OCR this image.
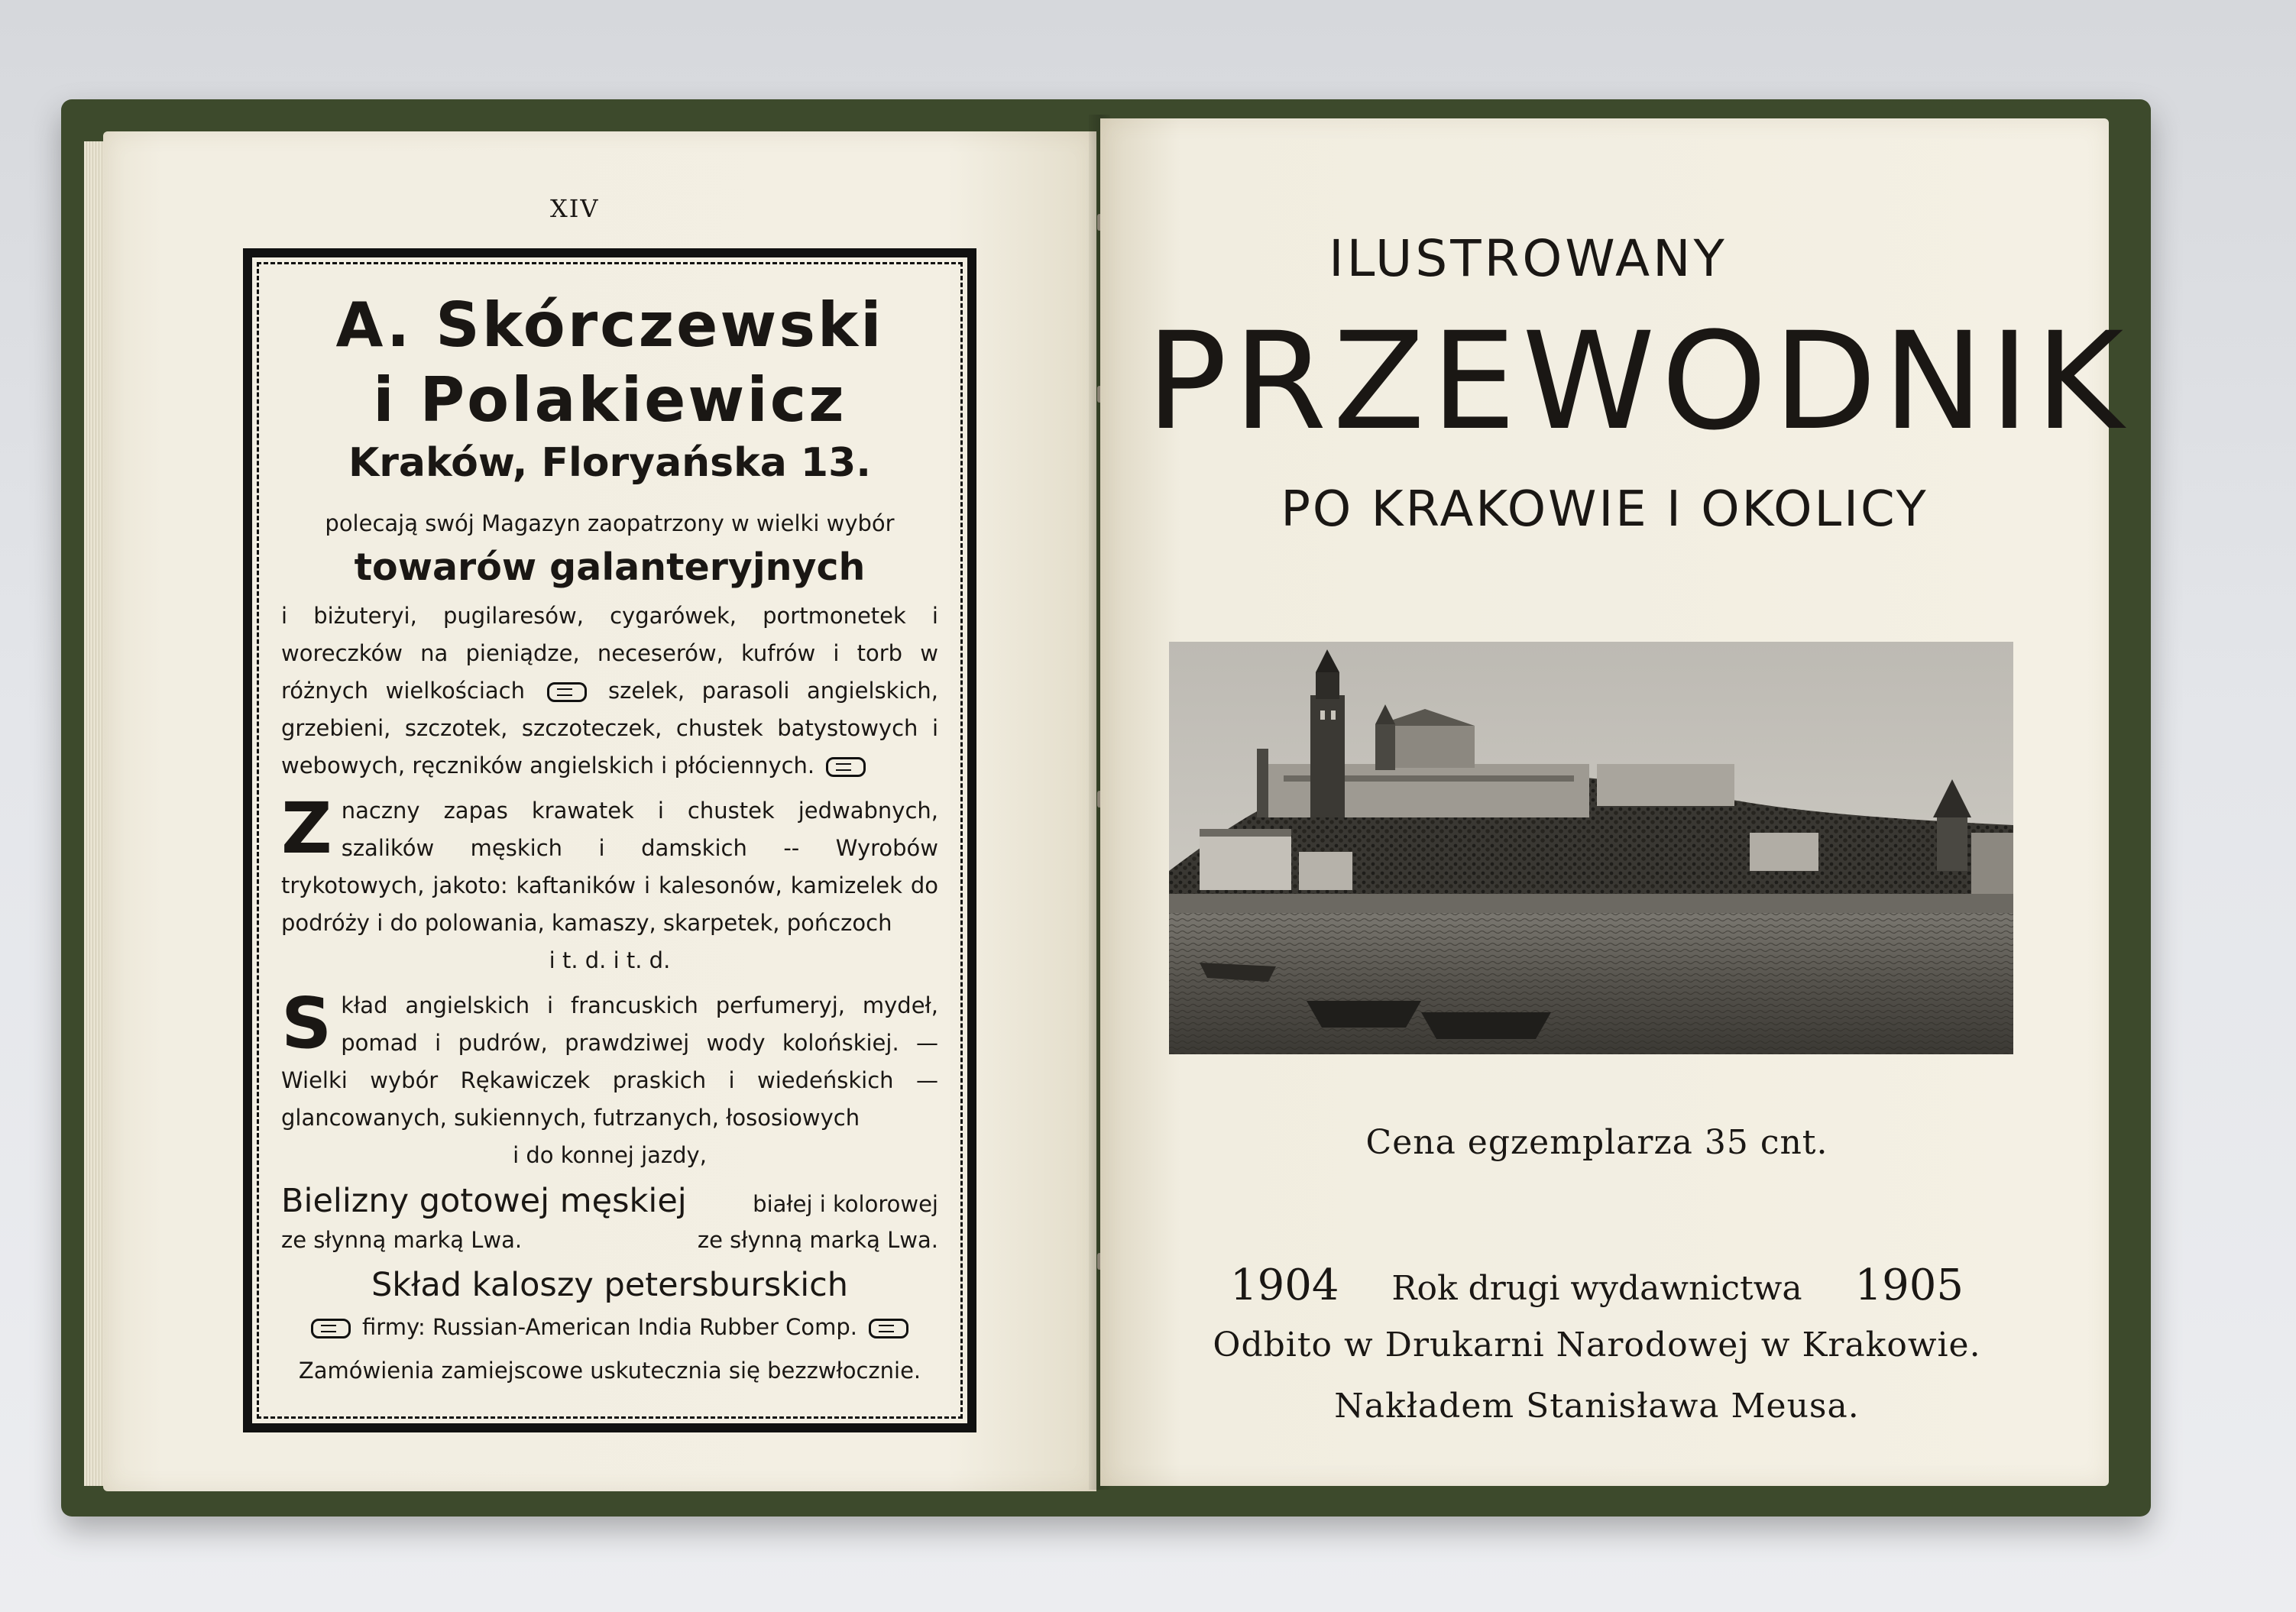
XIV

A. Skórczewski

i Polakiewicz

Kraków, Floryańska 13.

polecają swój Magazyn zaopatrzony w wielki wybór

towarów galanteryjnych

i biżuteryi, pugilaresów, cygarówek, portmonetek i woreczków na pieniądze, neceserów, kufrów i torb w różnych wielkościach	szelek, parasoli angielskich, grzebieni, szczotek, szczoteczek, chustek batystowych i webowych, ręczników angielskich i płóciennych.

Z naczny zapas krawatek i chustek jedwabnych, szalików męskich i damskich -- Wyrobów trykotowych, jakoto: kaftaników i kalesonów, kamizelek do podróży i do polowania, kamaszy, skarpetek, pończoch

i t. d. i t. d.

S kład angielskich i francuskich perfumeryj, mydeł, pomad i pudrów, prawdziwej wody kolońskiej. — Wielki wybór Rękawiczek praskich i wiedeńskich — glancowanych, sukiennych, futrzanych, łososiowych

i do konnej jazdy,

Bielizny gotowej męskiej	białej i kolorowej
ze słynną marką Lwa.	ze słynną marką Lwa.

Skład kaloszy petersburskich

firmy: Russian-American India Rubber Comp.

Zamówienia zamiejscowe uskutecznia się bezzwłocznie.

ILUSTROWANY
PRZEWODNIK
PO KRAKOWIE I OKOLICY
Cena egzemplarza 35 cnt.
1904 Rok drugi wydawnictwa 1905
Odbito w Drukarni Narodowej w Krakowie.
Nakładem Stanisława Meusa.
